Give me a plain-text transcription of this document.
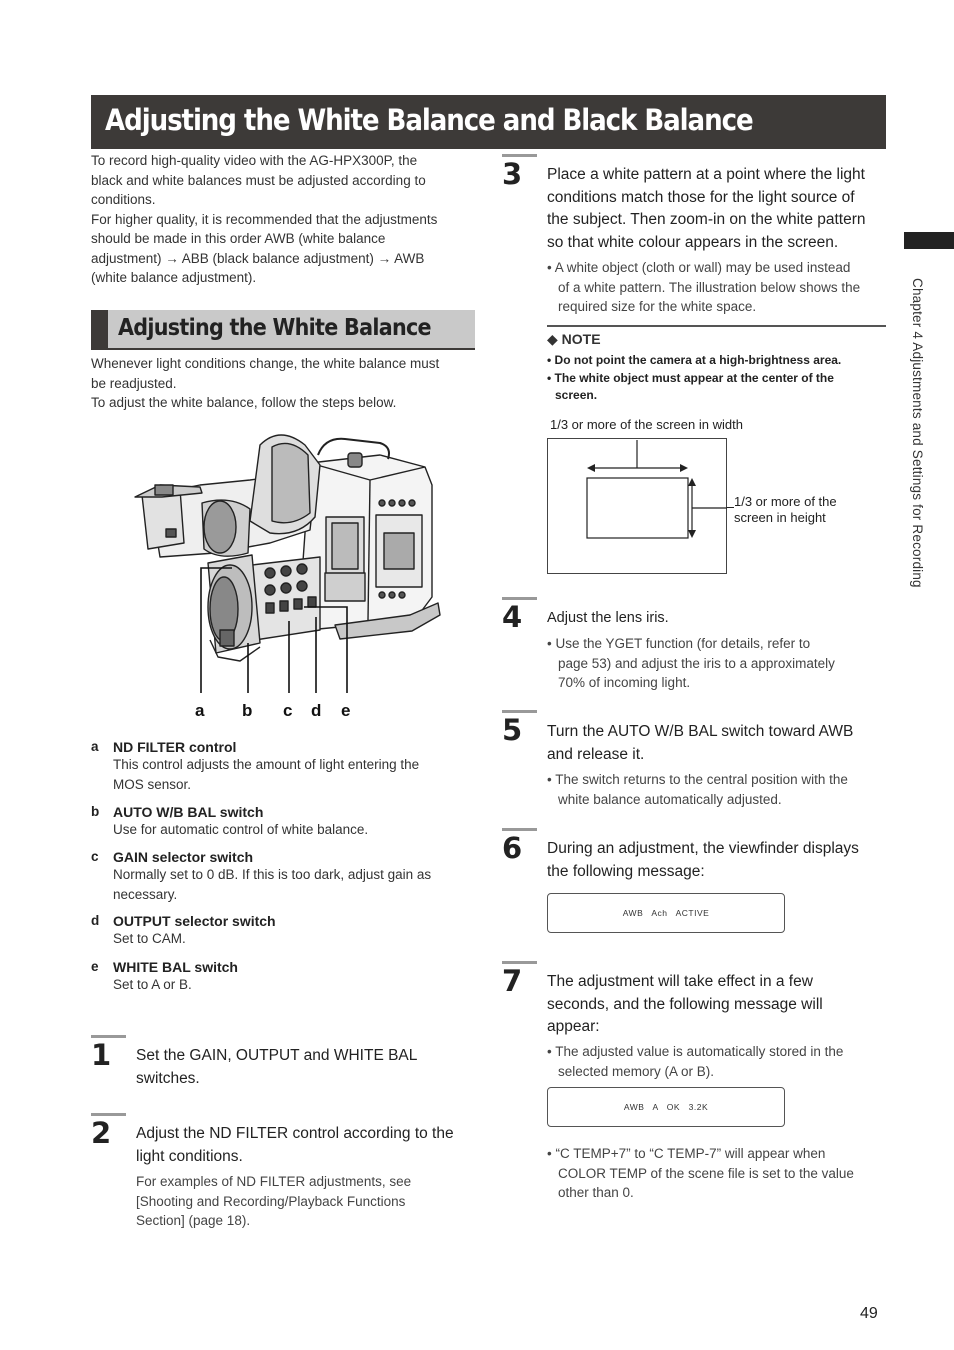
Adjusting the White Balance and Black Balance
To record high-quality video with the AG-HPX300P, the
black and white balances must be adjusted according to
conditions.
For higher quality, it is recommended that the adjustments
should be made in this order AWB (white balance
adjustment) → ABB (black balance adjustment) → AWB
(white balance adjustment).
Adjusting the White Balance
Whenever light conditions change, the white balance must
be readjusted.
To adjust the white balance, follow the steps below.
a b c d e
a ND FILTER control
This control adjusts the amount of light entering the
MOS sensor.
b AUTO W/B BAL switch
Use for automatic control of white balance.
c GAIN selector switch
Normally set to 0 dB. If this is too dark, adjust gain as
necessary.
d OUTPUT selector switch
Set to CAM.
e WHITE BAL switch
Set to A or B.
1 Set the GAIN, OUTPUT and WHITE BAL
switches.
2 Adjust the ND FILTER control according to the
light conditions.
For examples of ND FILTER adjustments, see
[Shooting and Recording/Playback Functions
Section] (page 18).
3 Place a white pattern at a point where the light
conditions match those for the light source of
the subject. Then zoom-in on the white pattern
so that white colour appears in the screen.
• A white object (cloth or wall) may be used instead
of a white pattern. The illustration below shows the
required size for the white space.
◆ NOTE
• Do not point the camera at a high-brightness area.
• The white object must appear at the center of the
screen.
1/3 or more of the screen in width
1/3 or more of the
screen in height
4 Adjust the lens iris.
• Use the YGET function (for details, refer to
page 53) and adjust the iris to a approximately
70% of incoming light.
5 Turn the AUTO W/B BAL switch toward AWB
and release it.
• The switch returns to the central position with the
white balance automatically adjusted.
6 During an adjustment, the viewfinder displays
the following message:
AWB   Ach   ACTIVE
7 The adjustment will take effect in a few
seconds, and the following message will
appear:
• The adjusted value is automatically stored in the
selected memory (A or B).
AWB   A   OK   3.2K
• “C TEMP+7” to “C TEMP-7” will appear when
COLOR TEMP of the scene file is set to the value
other than 0.
Chapter 4 Adjustments and Settings for Recording
49
